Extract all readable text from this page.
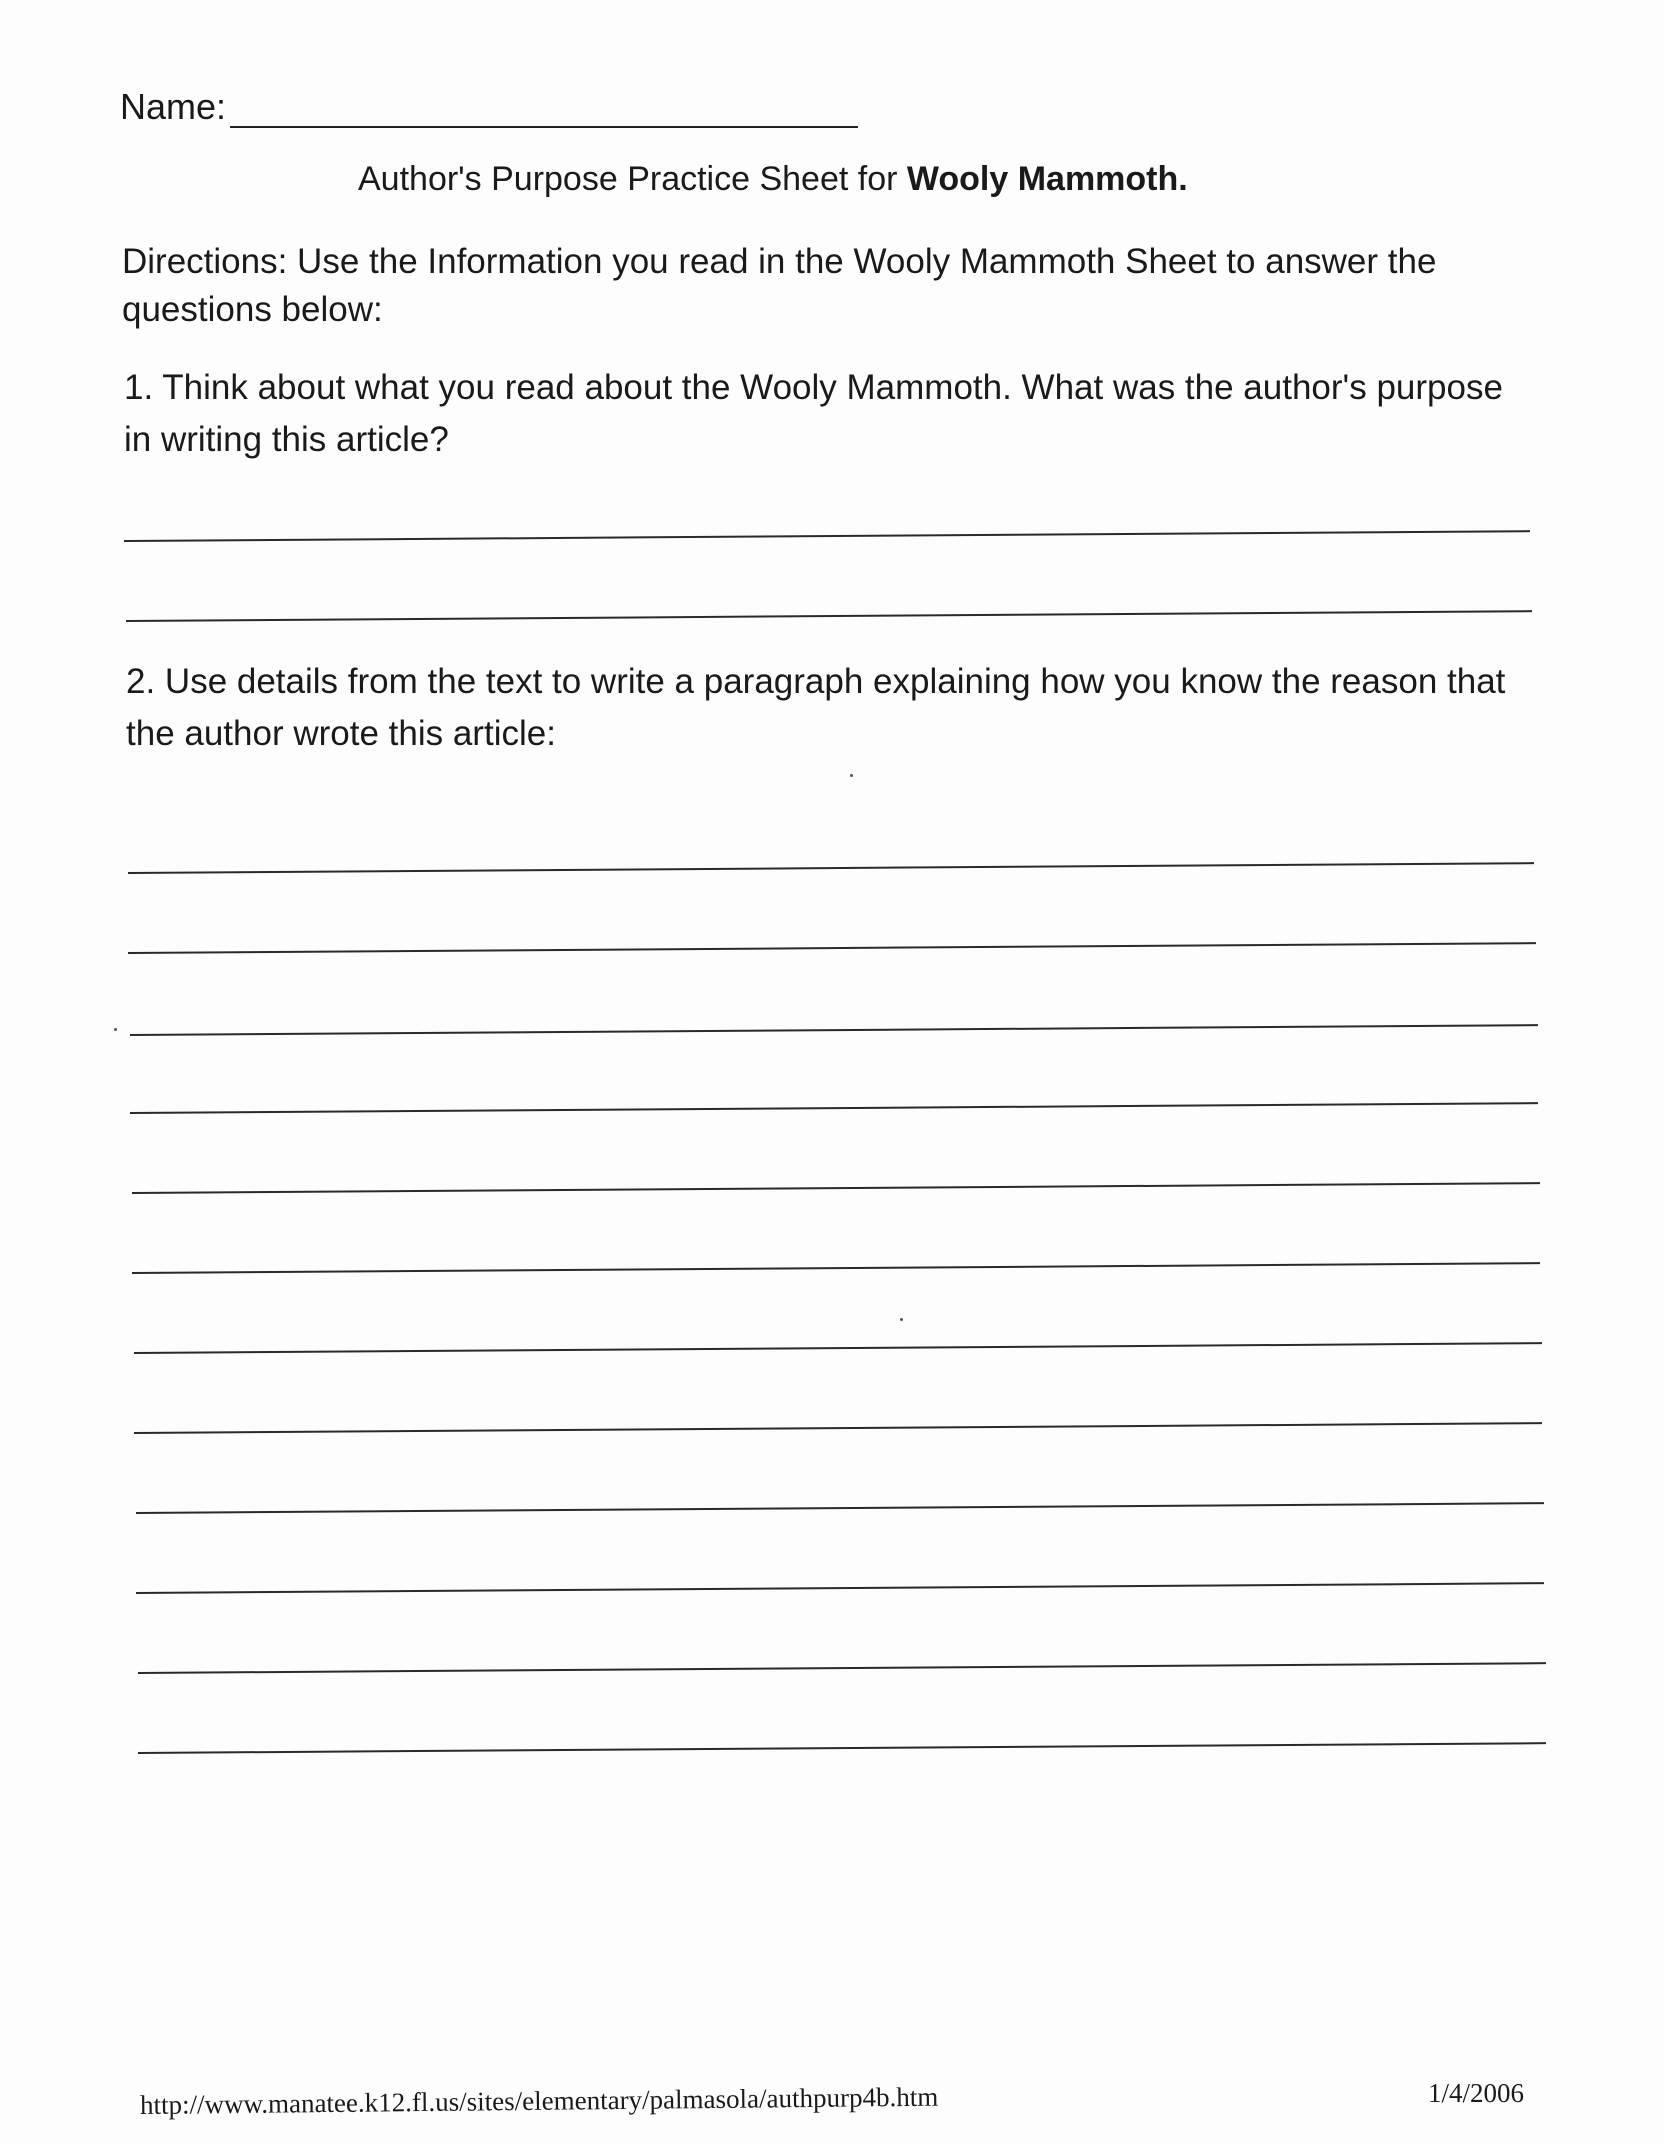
Name:
Author's Purpose Practice Sheet for Wooly Mammoth.
Directions: Use the Information you read in the Wooly Mammoth Sheet to answer the questions below:
1. Think about what you read about the Wooly Mammoth. What was the author's purpose in writing this article?
2. Use details from the text to write a paragraph explaining how you know the reason that the author wrote this article:
http://www.manatee.k12.fl.us/sites/elementary/palmasola/authpurp4b.htm	1/4/2006
